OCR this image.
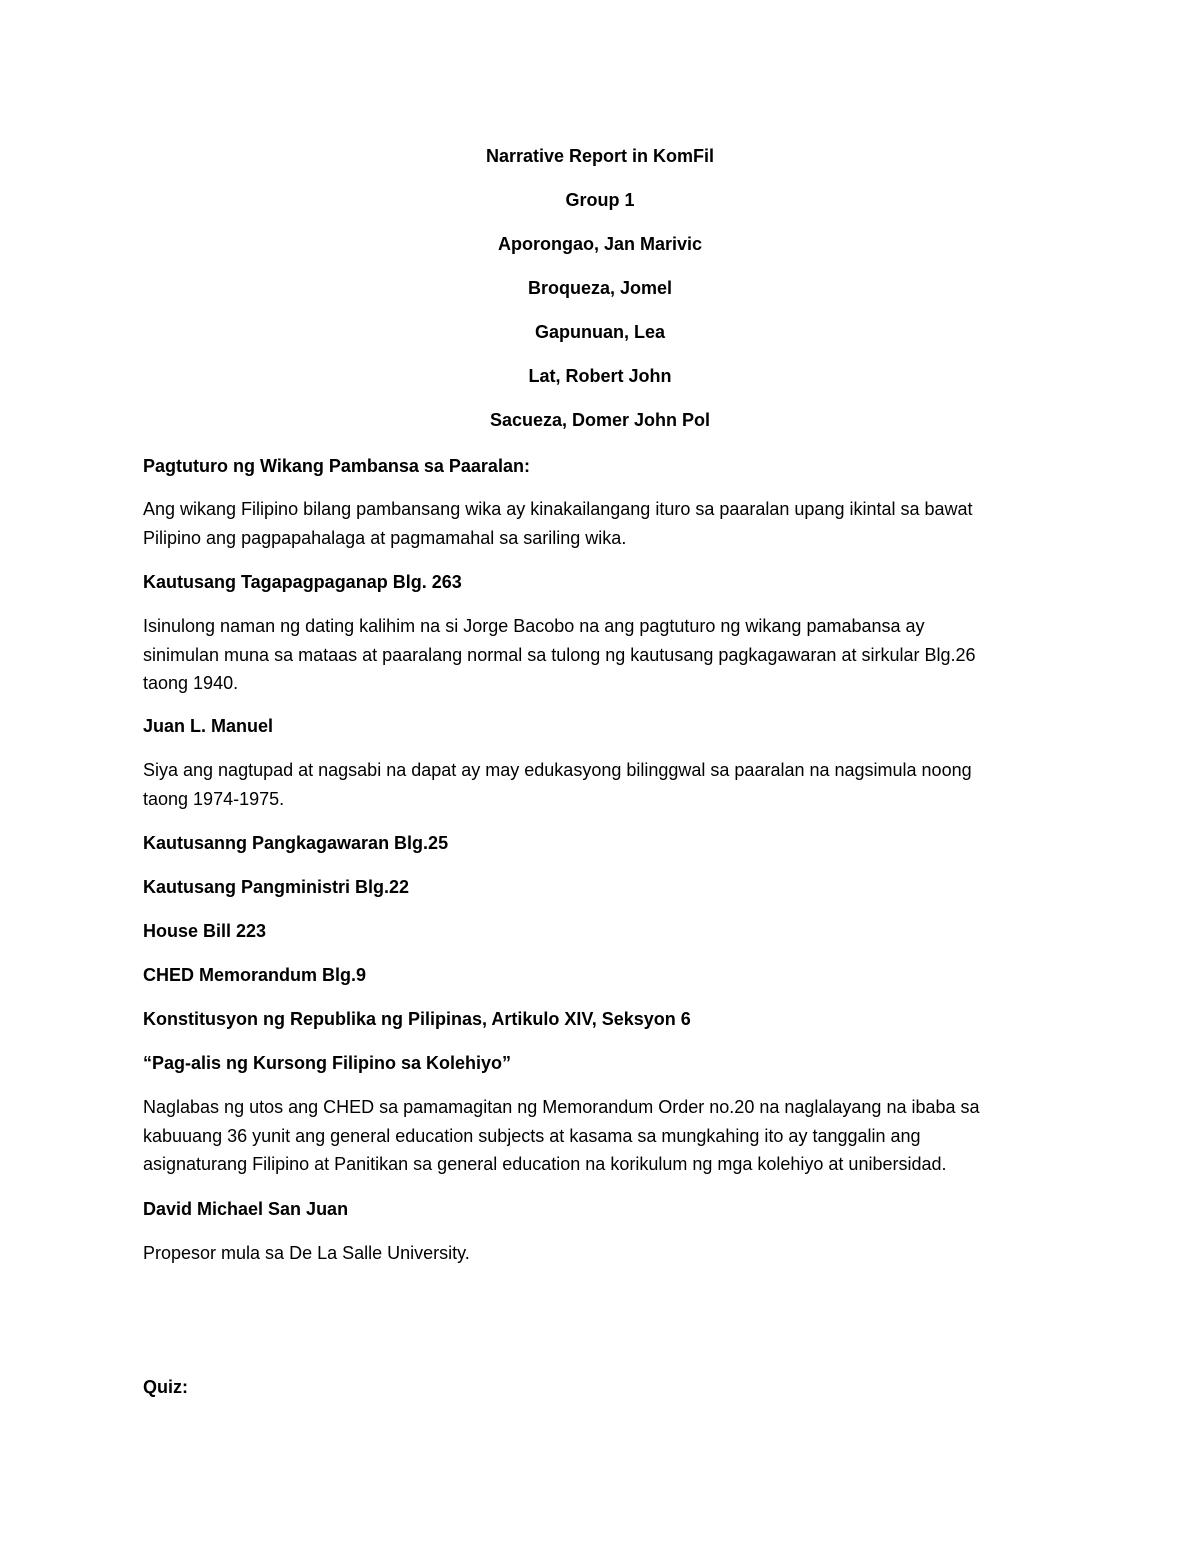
Narrative Report in KomFil
Group 1
Aporongao, Jan Marivic
Broqueza, Jomel
Gapunuan, Lea
Lat, Robert John
Sacueza, Domer John Pol
Pagtuturo ng Wikang Pambansa sa Paaralan:
Ang wikang Filipino bilang pambansang wika ay kinakailangang ituro sa paaralan upang ikintal sa bawat
Pilipino ang pagpapahalaga at pagmamahal sa sariling wika.
Kautusang Tagapagpaganap Blg. 263
Isinulong naman ng dating kalihim na si Jorge Bacobo na ang pagtuturo ng wikang pamabansa ay
sinimulan muna sa mataas at paaralang normal sa tulong ng kautusang pagkagawaran at sirkular Blg.26
taong 1940.
Juan L. Manuel
Siya ang nagtupad at nagsabi na dapat ay may edukasyong bilinggwal sa paaralan na nagsimula noong
taong 1974-1975.
Kautusanng Pangkagawaran Blg.25
Kautusang Pangministri Blg.22
House Bill 223
CHED Memorandum Blg.9
Konstitusyon ng Republika ng Pilipinas, Artikulo XIV, Seksyon 6
“Pag-alis ng Kursong Filipino sa Kolehiyo”
Naglabas ng utos ang CHED sa pamamagitan ng Memorandum Order no.20 na naglalayang na ibaba sa
kabuuang 36 yunit ang general education subjects at kasama sa mungkahing ito ay tanggalin ang
asignaturang Filipino at Panitikan sa general education na korikulum ng mga kolehiyo at unibersidad.
David Michael San Juan
Propesor mula sa De La Salle University.
Quiz:
